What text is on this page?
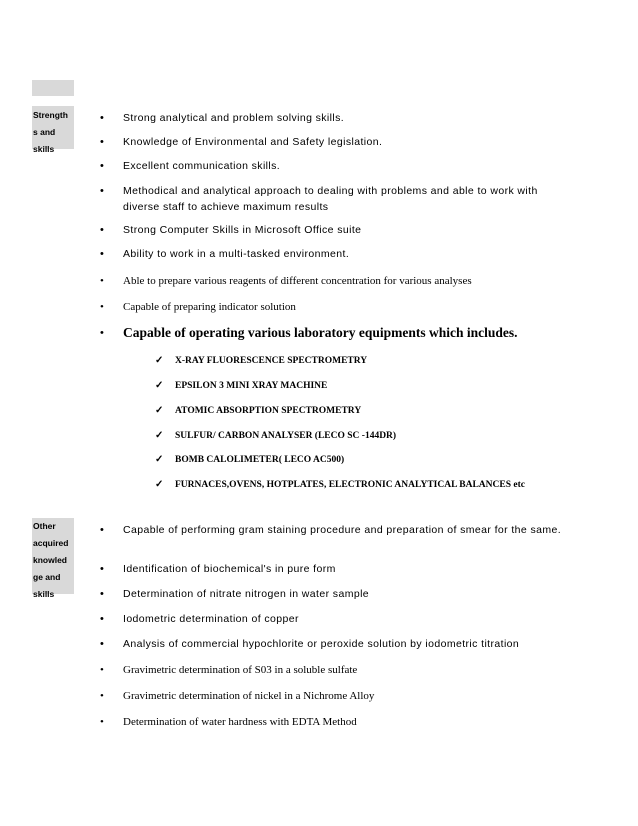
Strength
s and
skills
• Strong analytical and problem solving skills.
• Knowledge of Environmental and Safety legislation.
• Excellent communication skills.
• Methodical and analytical approach to dealing with problems and able to work with diverse staff to achieve maximum results
• Strong Computer Skills in Microsoft Office suite
• Ability to work in a multi-tasked environment.
• Able to prepare various reagents of different concentration for various analyses
• Capable of preparing indicator solution
• Capable of operating various laboratory equipments which includes.
✓ X-RAY FLUORESCENCE SPECTROMETRY
✓ EPSILON 3 MINI XRAY MACHINE
✓ ATOMIC ABSORPTION SPECTROMETRY
✓ SULFUR/ CARBON ANALYSER (LECO SC -144DR)
✓ BOMB CALOLIMETER( LECO AC500)
✓ FURNACES,OVENS, HOTPLATES, ELECTRONIC ANALYTICAL BALANCES etc
Other
acquired
knowled
ge and
skills
• Capable of performing gram staining procedure and preparation of smear for the same.
• Identification of biochemical's in pure form
• Determination of nitrate nitrogen in water sample
• Iodometric determination of copper
• Analysis of commercial hypochlorite or peroxide solution by iodometric titration
• Gravimetric determination of S03 in a soluble sulfate
• Gravimetric determination of nickel in a Nichrome Alloy
• Determination of water hardness with EDTA Method
